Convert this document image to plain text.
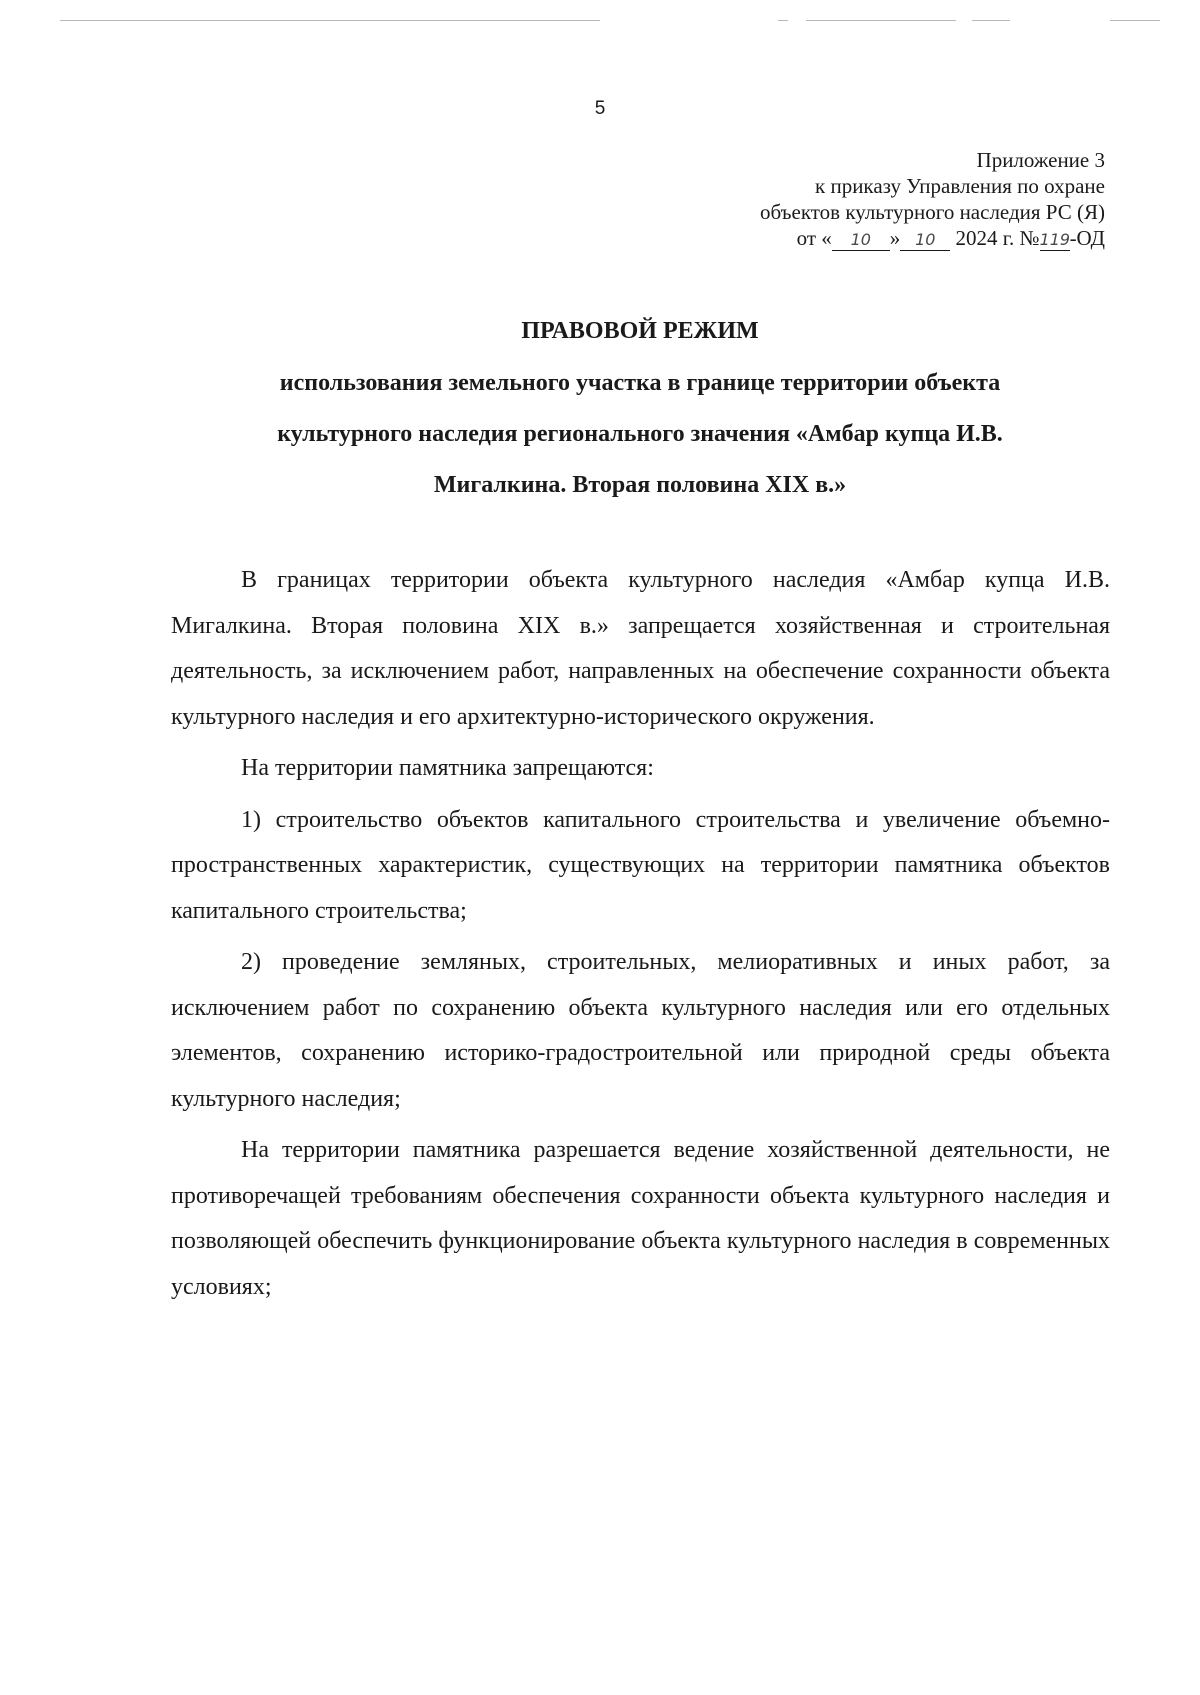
5
Приложение 3
к приказу Управления по охране
объектов культурного наследия РС (Я)
от « 10 » 10 2024 г. №119-ОД
ПРАВОВОЙ РЕЖИМ
использования земельного участка в границе территории объекта
культурного наследия регионального значения «Амбар купца И.В.
Мигалкина. Вторая половина XIX в.»

В границах территории объекта культурного наследия «Амбар купца И.В. Мигалкина. Вторая половина XIX в.» запрещается хозяйственная и строительная деятельность, за исключением работ, направленных на обеспечение сохранности объекта культурного наследия и его архитектурно-исторического окружения.

На территории памятника запрещаются:

1) строительство объектов капитального строительства и увеличение объемно-пространственных характеристик, существующих на территории памятника объектов капитального строительства;

2) проведение земляных, строительных, мелиоративных и иных работ, за исключением работ по сохранению объекта культурного наследия или его отдельных элементов, сохранению историко-градостроительной или природной среды объекта культурного наследия;

На территории памятника разрешается ведение хозяйственной деятельности, не противоречащей требованиям обеспечения сохранности объекта культурного наследия и позволяющей обеспечить функционирование объекта культурного наследия в современных условиях;
